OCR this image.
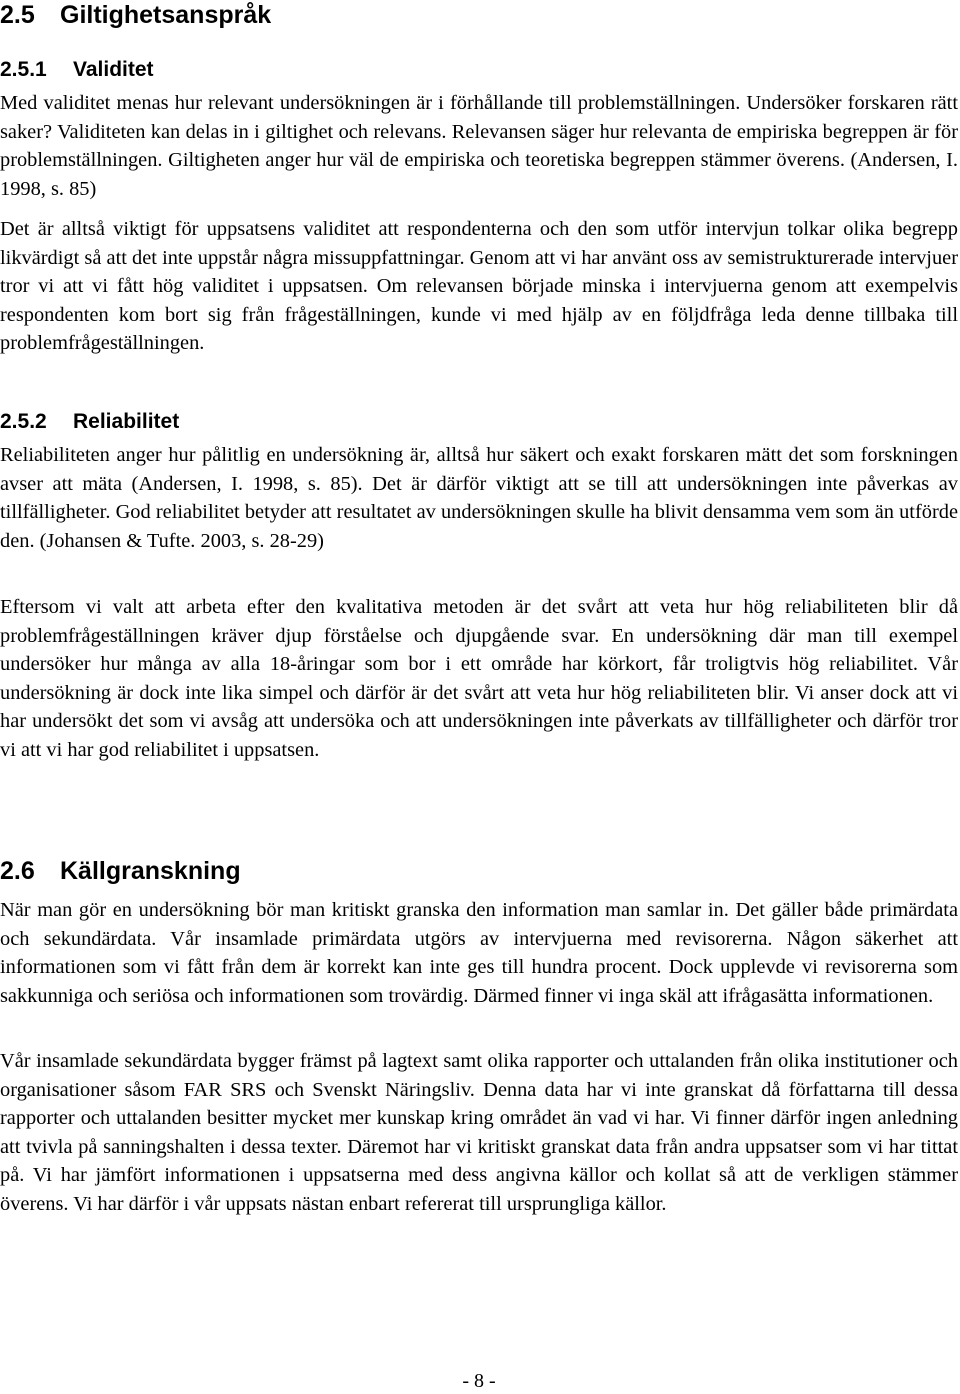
2.5 Giltighetsanspråk
2.5.1 Validitet

Med validitet menas hur relevant undersökningen är i förhållande till problemställningen. Undersöker forskaren rätt saker? Validiteten kan delas in i giltighet och relevans. Relevansen säger hur relevanta de empiriska begreppen är för problemställningen. Giltigheten anger hur väl de empiriska och teoretiska begreppen stämmer överens. (Andersen, I. 1998, s. 85)

Det är alltså viktigt för uppsatsens validitet att respondenterna och den som utför intervjun tolkar olika begrepp likvärdigt så att det inte uppstår några missuppfattningar. Genom att vi har använt oss av semistrukturerade intervjuer tror vi att vi fått hög validitet i uppsatsen. Om relevansen började minska i intervjuerna genom att exempelvis respondenten kom bort sig från frågeställningen, kunde vi med hjälp av en följdfråga leda denne tillbaka till problemfrågeställningen.

2.5.2 Reliabilitet

Reliabiliteten anger hur pålitlig en undersökning är, alltså hur säkert och exakt forskaren mätt det som forskningen avser att mäta (Andersen, I. 1998, s. 85). Det är därför viktigt att se till att undersökningen inte påverkas av tillfälligheter. God reliabilitet betyder att resultatet av undersökningen skulle ha blivit densamma vem som än utförde den. (Johansen & Tufte. 2003, s. 28-29)

Eftersom vi valt att arbeta efter den kvalitativa metoden är det svårt att veta hur hög reliabiliteten blir då problemfrågeställningen kräver djup förståelse och djupgående svar. En undersökning där man till exempel undersöker hur många av alla 18-åringar som bor i ett område har körkort, får troligtvis hög reliabilitet. Vår undersökning är dock inte lika simpel och därför är det svårt att veta hur hög reliabiliteten blir. Vi anser dock att vi har undersökt det som vi avsåg att undersöka och att undersökningen inte påverkats av tillfälligheter och därför tror vi att vi har god reliabilitet i uppsatsen.

2.6 Källgranskning

När man gör en undersökning bör man kritiskt granska den information man samlar in. Det gäller både primärdata och sekundärdata. Vår insamlade primärdata utgörs av intervjuerna med revisorerna. Någon säkerhet att informationen som vi fått från dem är korrekt kan inte ges till hundra procent. Dock upplevde vi revisorerna som sakkunniga och seriösa och informationen som trovärdig. Därmed finner vi inga skäl att ifrågasätta informationen.

Vår insamlade sekundärdata bygger främst på lagtext samt olika rapporter och uttalanden från olika institutioner och organisationer såsom FAR SRS och Svenskt Näringsliv. Denna data har vi inte granskat då författarna till dessa rapporter och uttalanden besitter mycket mer kunskap kring området än vad vi har. Vi finner därför ingen anledning att tvivla på sanningshalten i dessa texter. Däremot har vi kritiskt granskat data från andra uppsatser som vi har tittat på. Vi har jämfört informationen i uppsatserna med dess angivna källor och kollat så att de verkligen stämmer överens. Vi har därför i vår uppsats nästan enbart refererat till ursprungliga källor.

- 8 -
